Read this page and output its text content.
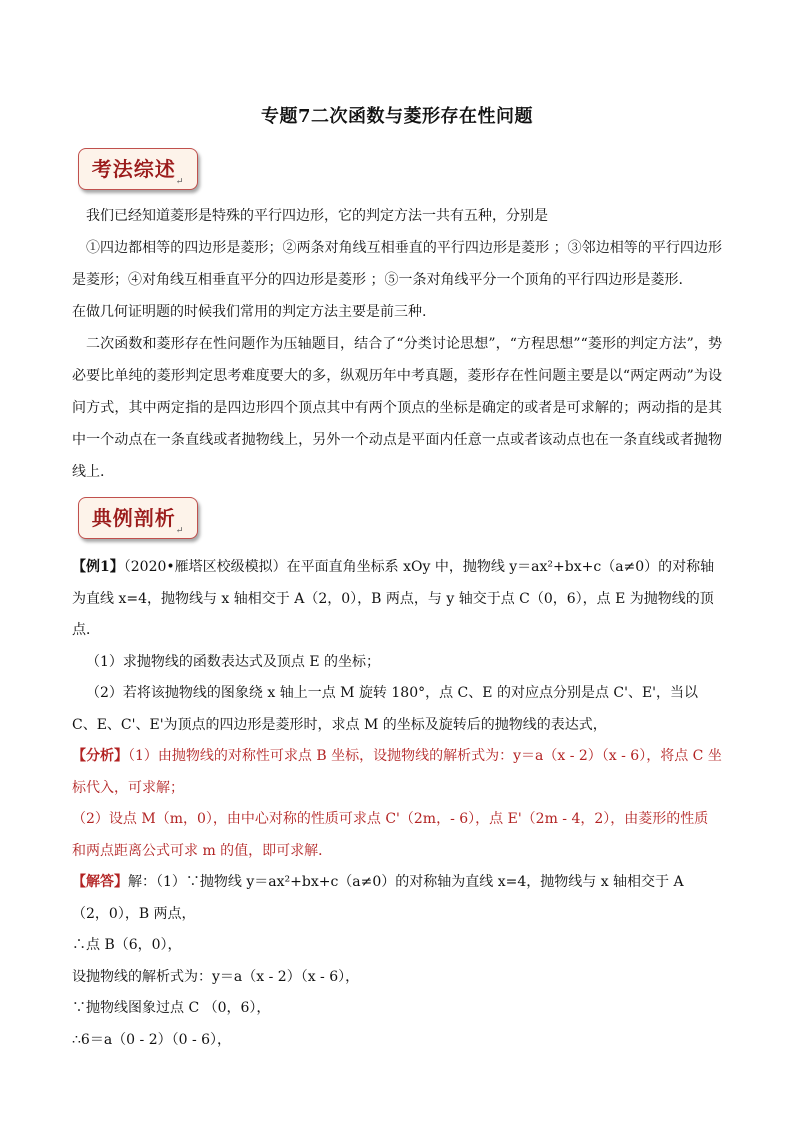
专题7二次函数与菱形存在性问题
考法综述$_↵$

我们已经知道菱形是特殊的平行四边形，它的判定方法一共有五种，分别是

①四边都相等的四边形是菱形；②两条对角线互相垂直的平行四边形是菱形 ；③邻边相等的平行四边形是菱形；④对角线互相垂直平分的四边形是菱形 ；⑤一条对角线平分一个顶角的平行四边形是菱形.

在做几何证明题的时候我们常用的判定方法主要是前三种.

二次函数和菱形存在性问题作为压轴题目，结合了“分类讨论思想”，“方程思想”“菱形的判定方法”，势必要比单纯的菱形判定思考难度要大的多，纵观历年中考真题，菱形存在性问题主要是以“两定两动”为设问方式，其中两定指的是四边形四个顶点其中有两个顶点的坐标是确定的或者是可求解的；两动指的是其中一个动点在一条直线或者抛物线上，另外一个动点是平面内任意一点或者该动点也在一条直线或者抛物线上.

典例剖析$_↵$

【例1】（2020•雁塔区校级模拟）在平面直角坐标系 xOy 中，抛物线 y＝ax²+bx+c（a≠0）的对称轴为直线 x=4，抛物线与 x 轴相交于 A（2，0），B 两点，与 y 轴交于点 C（0，6），点 E 为抛物线的顶点．

（1）求抛物线的函数表达式及顶点 E 的坐标；

（2）若将该抛物线的图象绕 x 轴上一点 M 旋转 180°，点 C、E 的对应点分别是点 C'、E'，当以 C、E、C'、E'为顶点的四边形是菱形时，求点 M 的坐标及旋转后的抛物线的表达式，

【分析】（1）由抛物线的对称性可求点 B 坐标，设抛物线的解析式为：y＝a（x - 2）（x - 6），将点 C 坐标代入，可求解；

（2）设点 M（m，0），由中心对称的性质可求点 C'（2m，- 6），点 E'（2m - 4，2），由菱形的性质和两点距离公式可求 m 的值，即可求解．

【解答】解：（1）∵抛物线 y＝ax²+bx+c（a≠0）的对称轴为直线 x=4，抛物线与 x 轴相交于 A （2，0），B 两点，

∴点 B（6，0），

设抛物线的解析式为：y＝a（x - 2）（x - 6），

∵抛物线图象过点 C （0，6），

∴6＝a（0 - 2）（0 - 6），
